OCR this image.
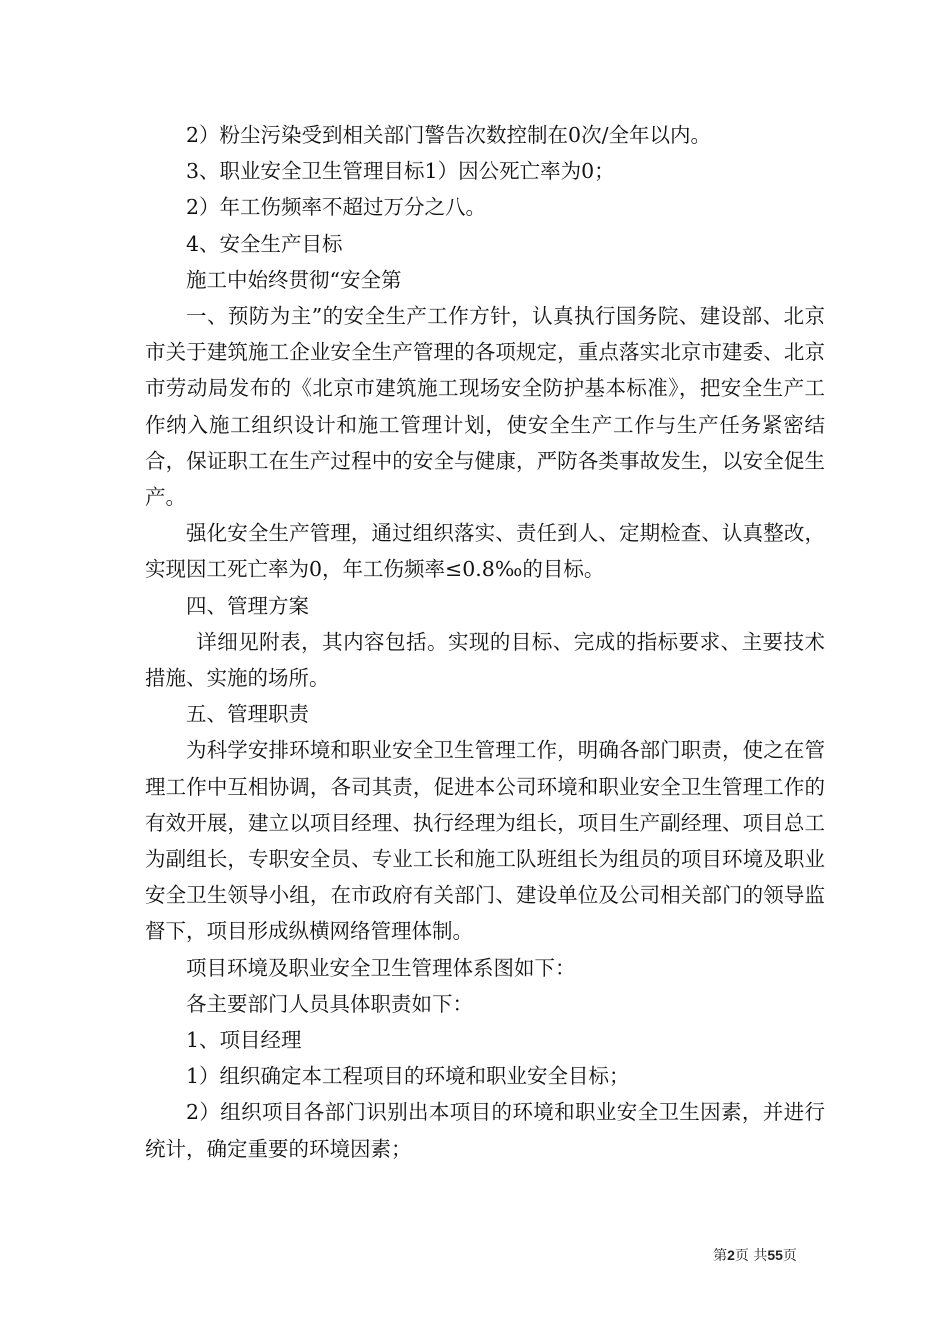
2）粉尘污染受到相关部门警告次数控制在0次/全年以内。

3、职业安全卫生管理目标1）因公死亡率为0；

2）年工伤频率不超过万分之八。

4、安全生产目标

施工中始终贯彻“安全第

一、预防为主”的安全生产工作方针，认真执行国务院、建设部、北京市关于建筑施工企业安全生产管理的各项规定，重点落实北京市建委、北京市劳动局发布的《北京市建筑施工现场安全防护基本标准》，把安全生产工作纳入施工组织设计和施工管理计划，使安全生产工作与生产任务紧密结合，保证职工在生产过程中的安全与健康，严防各类事故发生，以安全促生产。

强化安全生产管理，通过组织落实、责任到人、定期检查、认真整改，实现因工死亡率为0，年工伤频率≤0.8‰的目标。

四、管理方案

详细见附表，其内容包括。实现的目标、完成的指标要求、主要技术措施、实施的场所。

五、管理职责

为科学安排环境和职业安全卫生管理工作，明确各部门职责，使之在管理工作中互相协调，各司其责，促进本公司环境和职业安全卫生管理工作的有效开展，建立以项目经理、执行经理为组长，项目生产副经理、项目总工为副组长，专职安全员、专业工长和施工队班组长为组员的项目环境及职业安全卫生领导小组，在市政府有关部门、建设单位及公司相关部门的领导监督下，项目形成纵横网络管理体制。

项目环境及职业安全卫生管理体系图如下：

各主要部门人员具体职责如下：

1、项目经理

1）组织确定本工程项目的环境和职业安全目标；

2）组织项目各部门识别出本项目的环境和职业安全卫生因素，并进行统计，确定重要的环境因素；

第2页 共55页
